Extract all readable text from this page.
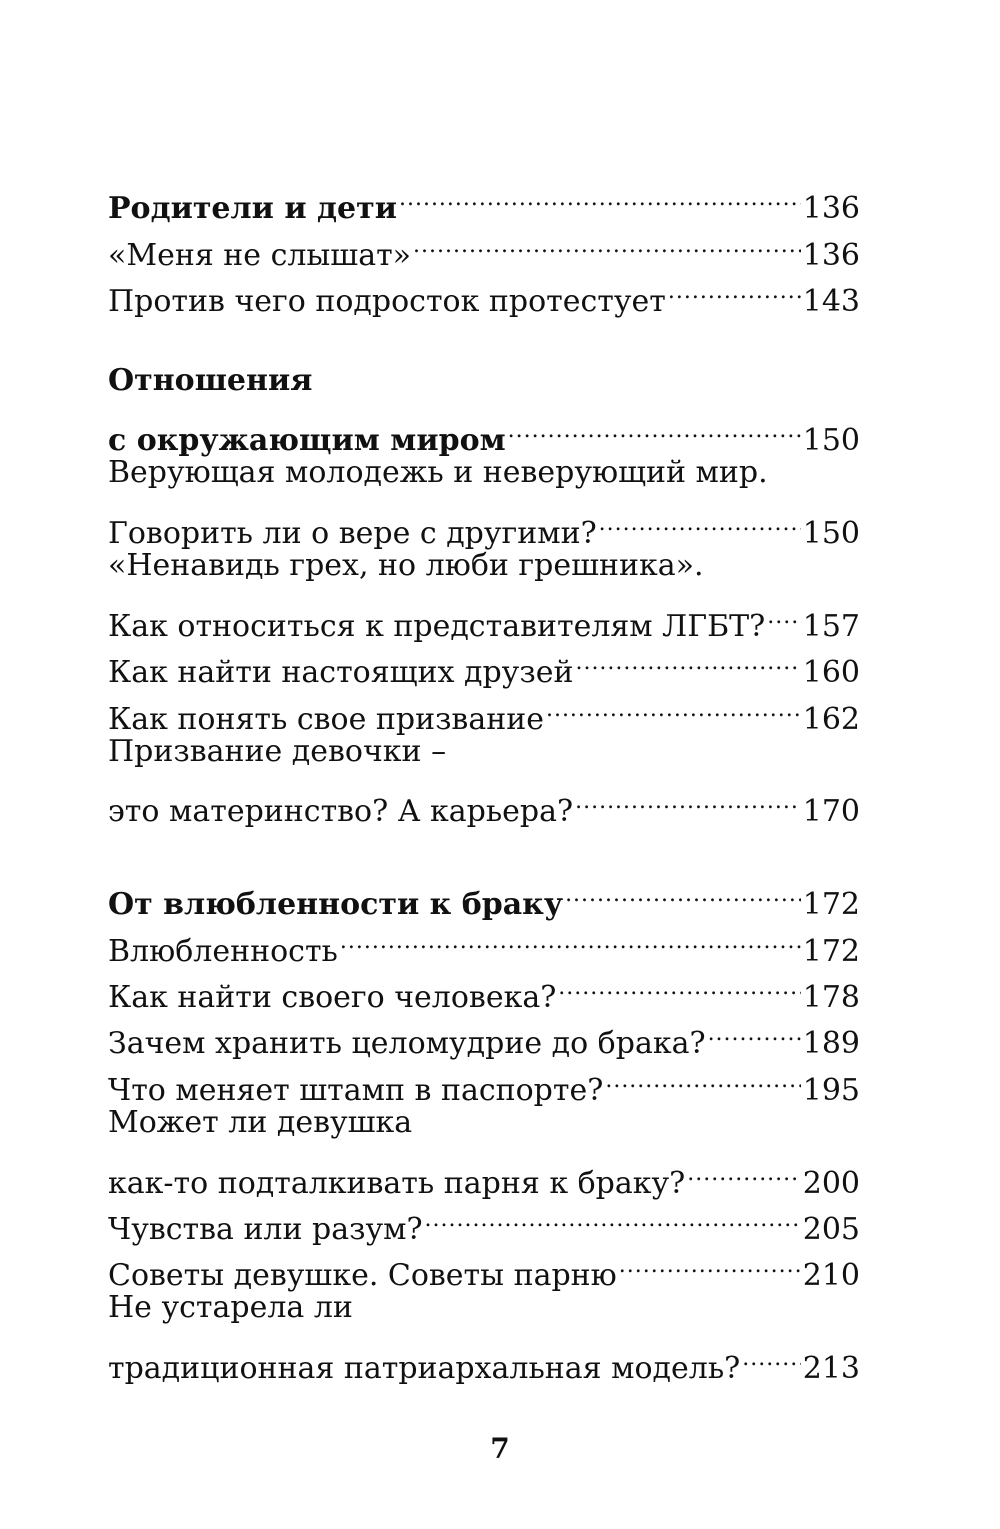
Родители и дети .....	136
«Меня не слышат» .....	136
Против чего подросток протестует .....	143
Отношения
с окружающим миром .....	150
Верующая молодежь и неверующий мир.
Говорить ли о вере с другими? .....	150
«Ненавидь грех, но люби грешника».
Как относиться к представителям ЛГБТ? ..... 157
Как найти настоящих друзей .....	160
Как понять свое призвание .....	162
Призвание девочки –
это материнство? А карьера? .....	170
От влюбленности к браку .....	172
Влюбленность .....	172
Как найти своего человека? .....	178
Зачем хранить целомудрие до брака? .....	189
Что меняет штамп в паспорте? .....	195
Может ли девушка
как-то подталкивать парня к браку? .....	200
Чувства или разум? .....	205
Советы девушке. Советы парню .....	210
Не устарела ли
традиционная патриархальная модель? ..... 213
7
